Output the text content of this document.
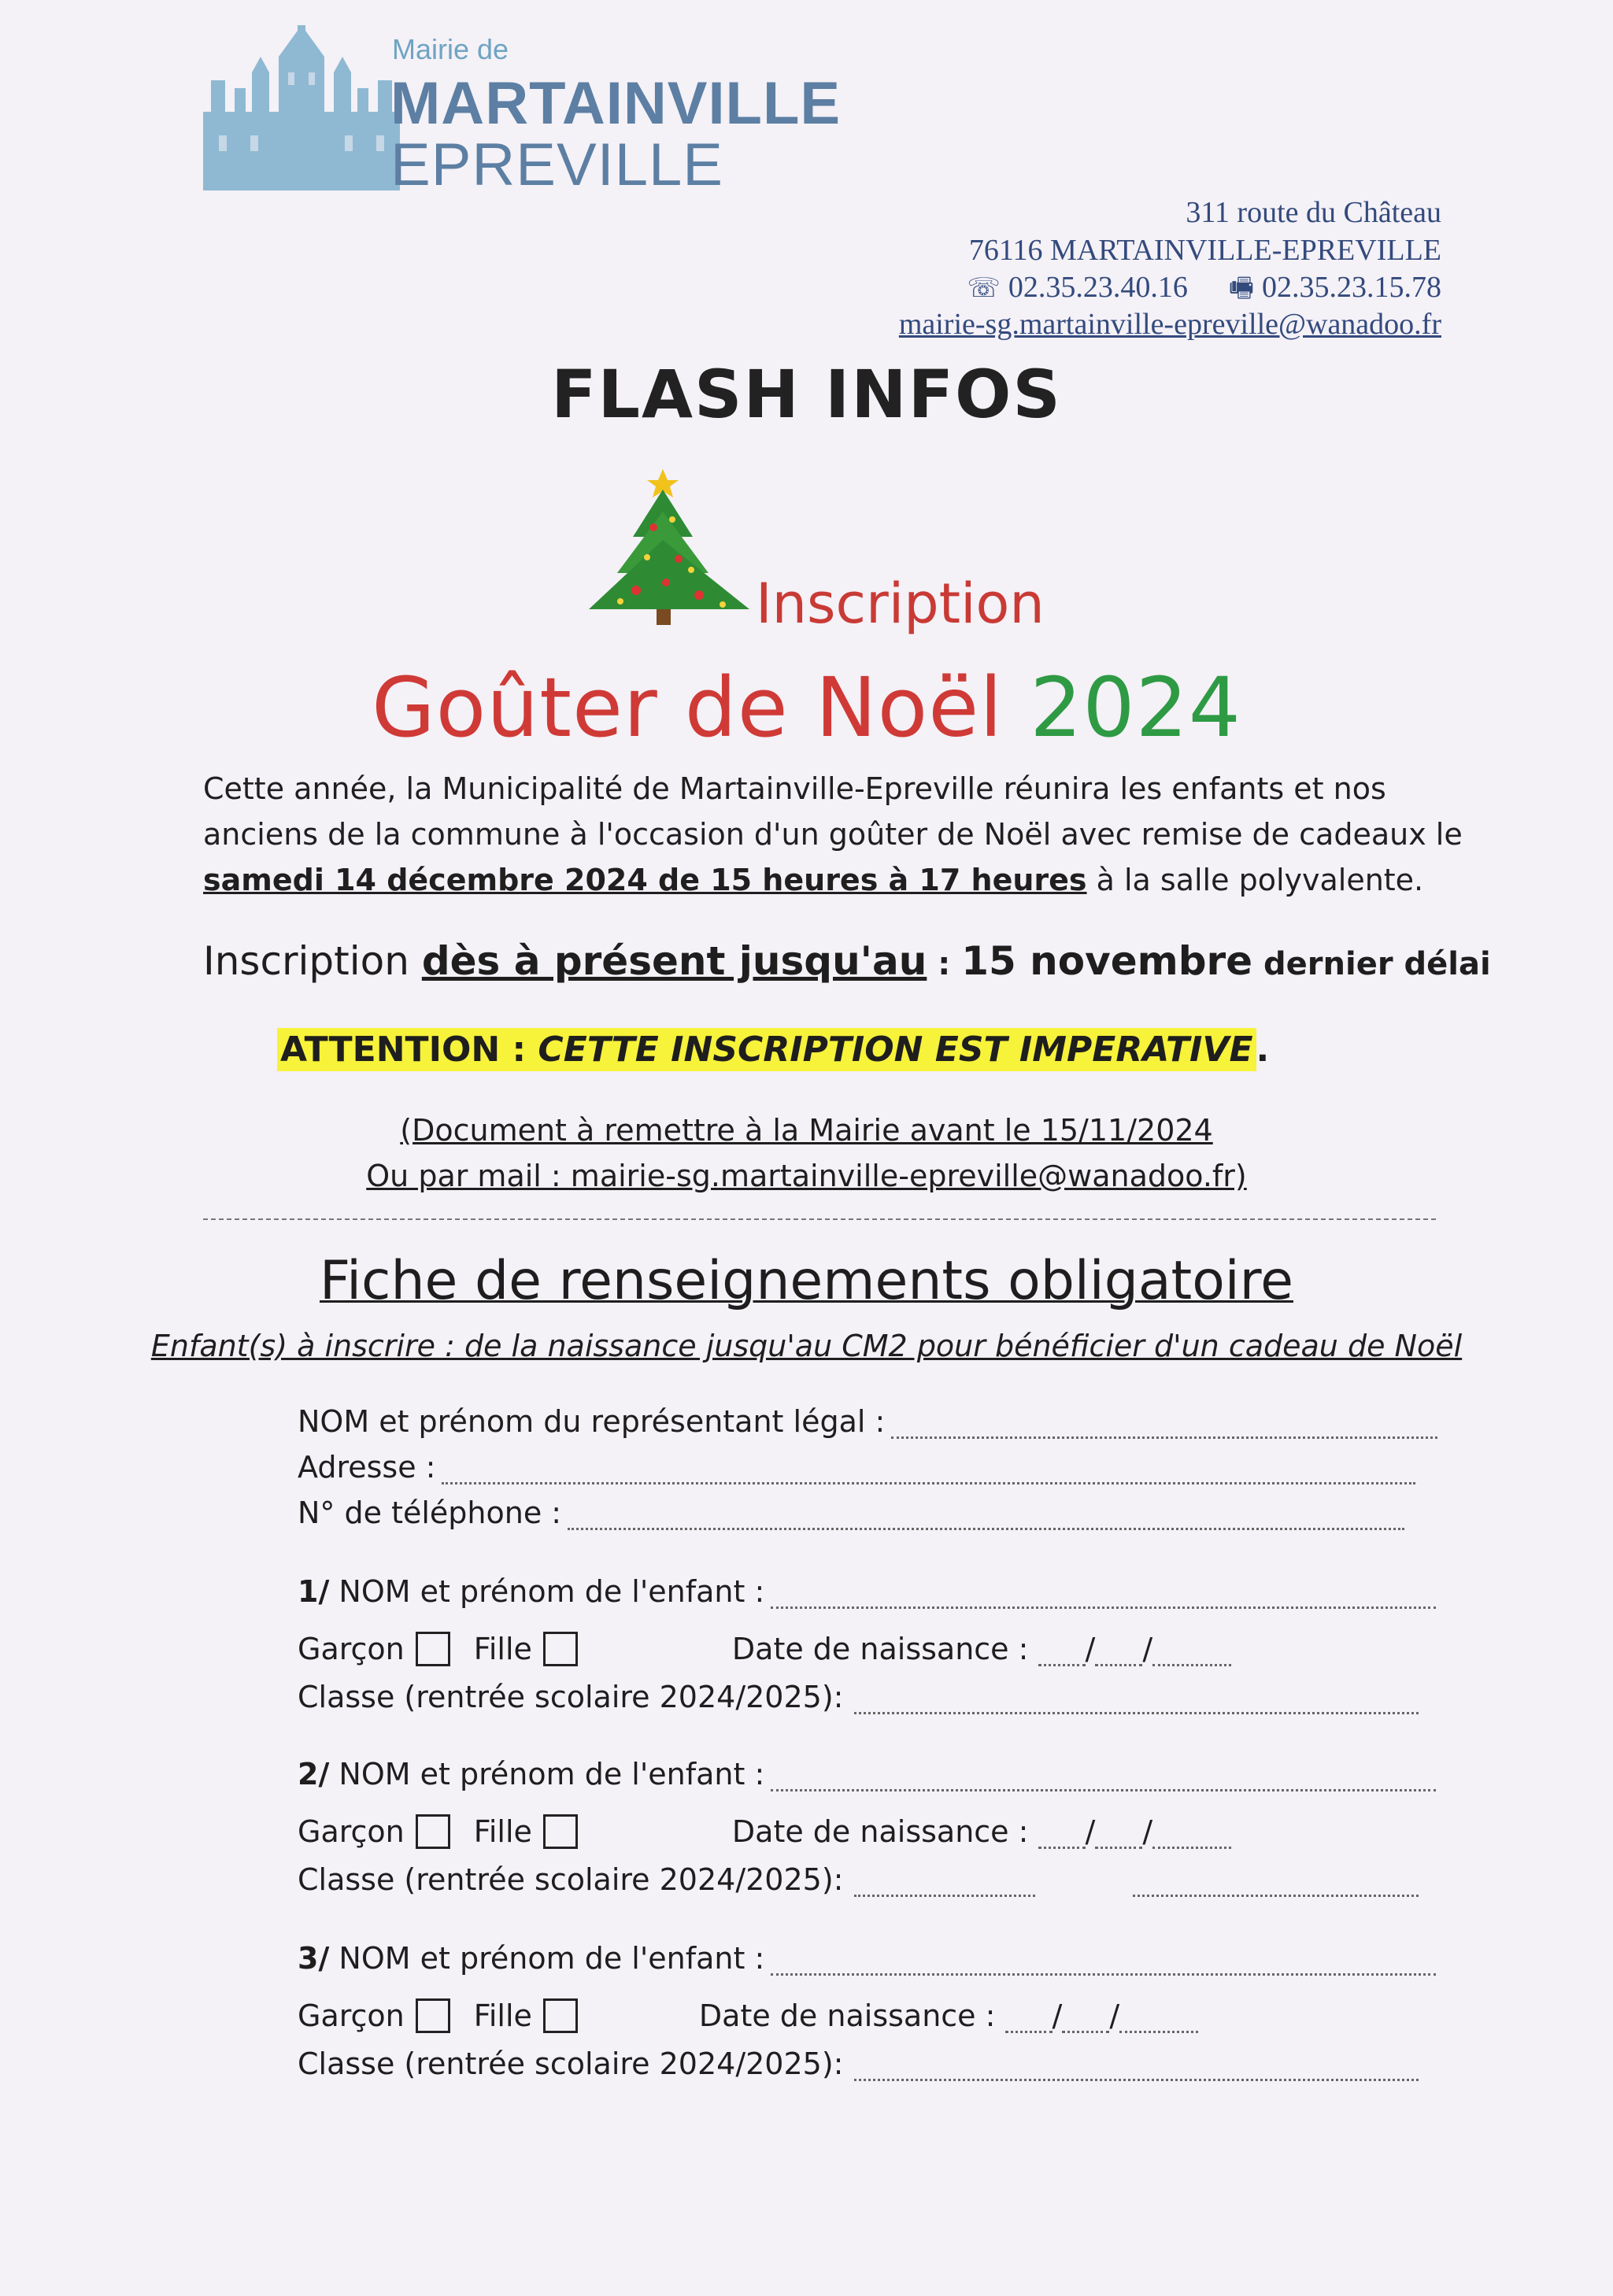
Mairie de
MARTAINVILLE
EPREVILLE
311 route du Château
76116 MARTAINVILLE-EPREVILLE
☏ 02.35.23.40.16 🖷 02.35.23.15.78
mairie-sg.martainville-epreville@wanadoo.fr
FLASH INFOS
Inscription
Goûter de Noël 2024
Cette année, la Municipalité de Martainville-Epreville réunira les enfants et nos
anciens de la commune à l'occasion d'un goûter de Noël avec remise de cadeaux le
samedi 14 décembre 2024 de 15 heures à 17 heures à la salle polyvalente.
Inscription dès à présent jusqu'au : 15 novembre dernier délai
ATTENTION : CETTE INSCRIPTION EST IMPERATIVE.
(Document à remettre à la Mairie avant le 15/11/2024
Ou par mail : mairie-sg.martainville-epreville@wanadoo.fr)
Fiche de renseignements obligatoire
Enfant(s) à inscrire : de la naissance jusqu'au CM2 pour bénéficier d'un cadeau de Noël
NOM et prénom du représentant légal :
Adresse :
N° de téléphone :
1/
NOM et prénom de l'enfant :
Garçon Fille	Date de naissance :
/ /
Classe (rentrée scolaire 2024/2025) :
2/
NOM et prénom de l'enfant :
Garçon Fille	Date de naissance :
/ /
Classe (rentrée scolaire 2024/2025) :
3/
NOM et prénom de l'enfant :
Garçon Fille	Date de naissance :
/ /
Classe (rentrée scolaire 2024/2025) :
